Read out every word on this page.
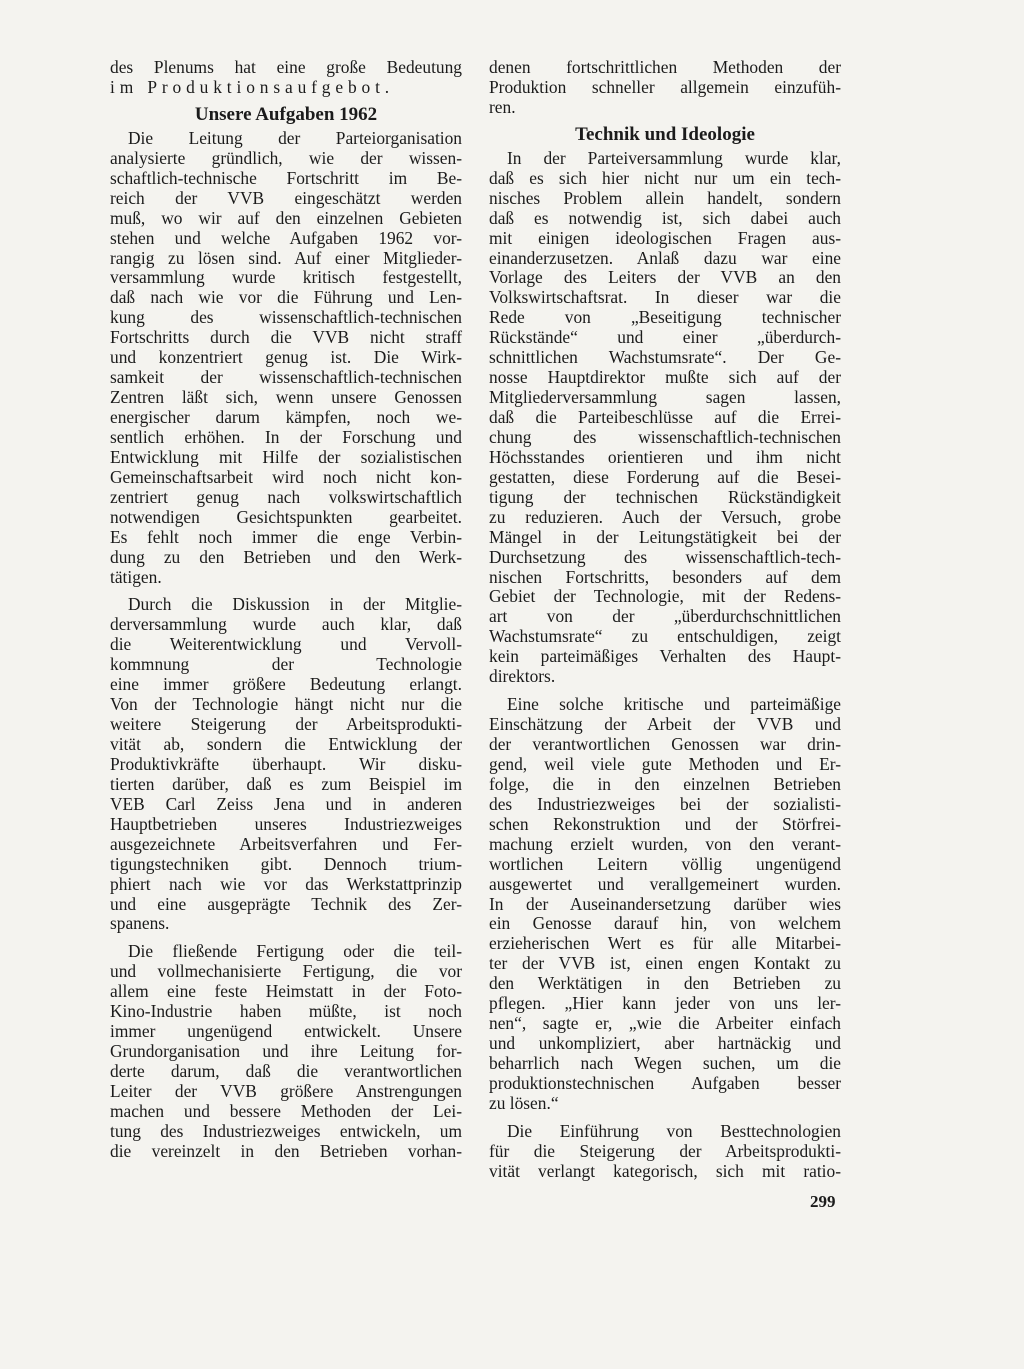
des Plenums hat eine große Bedeutung
im Produktionsaufgebot.
Unsere Aufgaben 1962
Die Leitung der Parteiorganisation
analysierte gründlich, wie der wissen-
schaftlich-technische Fortschritt im Be-
reich der VVB eingeschätzt werden
muß, wo wir auf den einzelnen Gebieten
stehen und welche Aufgaben 1962 vor-
rangig zu lösen sind. Auf einer Mitglieder-
versammlung wurde kritisch festgestellt,
daß nach wie vor die Führung und Len-
kung des wissenschaftlich-technischen
Fortschritts durch die VVB nicht straff
und konzentriert genug ist. Die Wirk-
samkeit der wissenschaftlich-technischen
Zentren läßt sich, wenn unsere Genossen
energischer darum kämpfen, noch we-
sentlich erhöhen. In der Forschung und
Entwicklung mit Hilfe der sozialistischen
Gemeinschaftsarbeit wird noch nicht kon-
zentriert genug nach volkswirtschaftlich
notwendigen Gesichtspunkten gearbeitet.
Es fehlt noch immer die enge Verbin-
dung zu den Betrieben und den Werk-
tätigen.
Durch die Diskussion in der Mitglie-
derversammlung wurde auch klar, daß
die Weiterentwicklung und Vervoll-
kommnung der Technologie
eine immer größere Bedeutung erlangt.
Von der Technologie hängt nicht nur die
weitere Steigerung der Arbeitsprodukti-
vität ab, sondern die Entwicklung der
Produktivkräfte überhaupt. Wir disku-
tierten darüber, daß es zum Beispiel im
VEB Carl Zeiss Jena und in anderen
Hauptbetrieben unseres Industriezweiges
ausgezeichnete Arbeitsverfahren und Fer-
tigungstechniken gibt. Dennoch trium-
phiert nach wie vor das Werkstattprinzip
und eine ausgeprägte Technik des Zer-
spanens.
Die fließende Fertigung oder die teil-
und vollmechanisierte Fertigung, die vor
allem eine feste Heimstatt in der Foto-
Kino-Industrie haben müßte, ist noch
immer ungenügend entwickelt. Unsere
Grundorganisation und ihre Leitung for-
derte darum, daß die verantwortlichen
Leiter der VVB größere Anstrengungen
machen und bessere Methoden der Lei-
tung des Industriezweiges entwickeln, um
die vereinzelt in den Betrieben vorhan-
denen fortschrittlichen Methoden der
Produktion schneller allgemein einzufüh-
ren.
Technik und Ideologie
In der Parteiversammlung wurde klar,
daß es sich hier nicht nur um ein tech-
nisches Problem allein handelt, sondern
daß es notwendig ist, sich dabei auch
mit einigen ideologischen Fragen aus-
einanderzusetzen. Anlaß dazu war eine
Vorlage des Leiters der VVB an den
Volkswirtschaftsrat. In dieser war die
Rede von „Beseitigung technischer
Rückstände“ und einer „überdurch-
schnittlichen Wachstumsrate“. Der Ge-
nosse Hauptdirektor mußte sich auf der
Mitgliederversammlung sagen lassen,
daß die Parteibeschlüsse auf die Errei-
chung des wissenschaftlich-technischen
Höchsstandes orientieren und ihm nicht
gestatten, diese Forderung auf die Besei-
tigung der technischen Rückständigkeit
zu reduzieren. Auch der Versuch, grobe
Mängel in der Leitungstätigkeit bei der
Durchsetzung des wissenschaftlich-tech-
nischen Fortschritts, besonders auf dem
Gebiet der Technologie, mit der Redens-
art von der „überdurchschnittlichen
Wachstumsrate“ zu entschuldigen, zeigt
kein parteimäßiges Verhalten des Haupt-
direktors.
Eine solche kritische und parteimäßige
Einschätzung der Arbeit der VVB und
der verantwortlichen Genossen war drin-
gend, weil viele gute Methoden und Er-
folge, die in den einzelnen Betrieben
des Industriezweiges bei der sozialisti-
schen Rekonstruktion und der Störfrei-
machung erzielt wurden, von den verant-
wortlichen Leitern völlig ungenügend
ausgewertet und verallgemeinert wurden.
In der Auseinandersetzung darüber wies
ein Genosse darauf hin, von welchem
erzieherischen Wert es für alle Mitarbei-
ter der VVB ist, einen engen Kontakt zu
den Werktätigen in den Betrieben zu
pflegen. „Hier kann jeder von uns ler-
nen“, sagte er, „wie die Arbeiter einfach
und unkompliziert, aber hartnäckig und
beharrlich nach Wegen suchen, um die
produktionstechnischen Aufgaben besser
zu lösen.“
Die Einführung von Besttechnologien
für die Steigerung der Arbeitsprodukti-
vität verlangt kategorisch, sich mit ratio-
299
